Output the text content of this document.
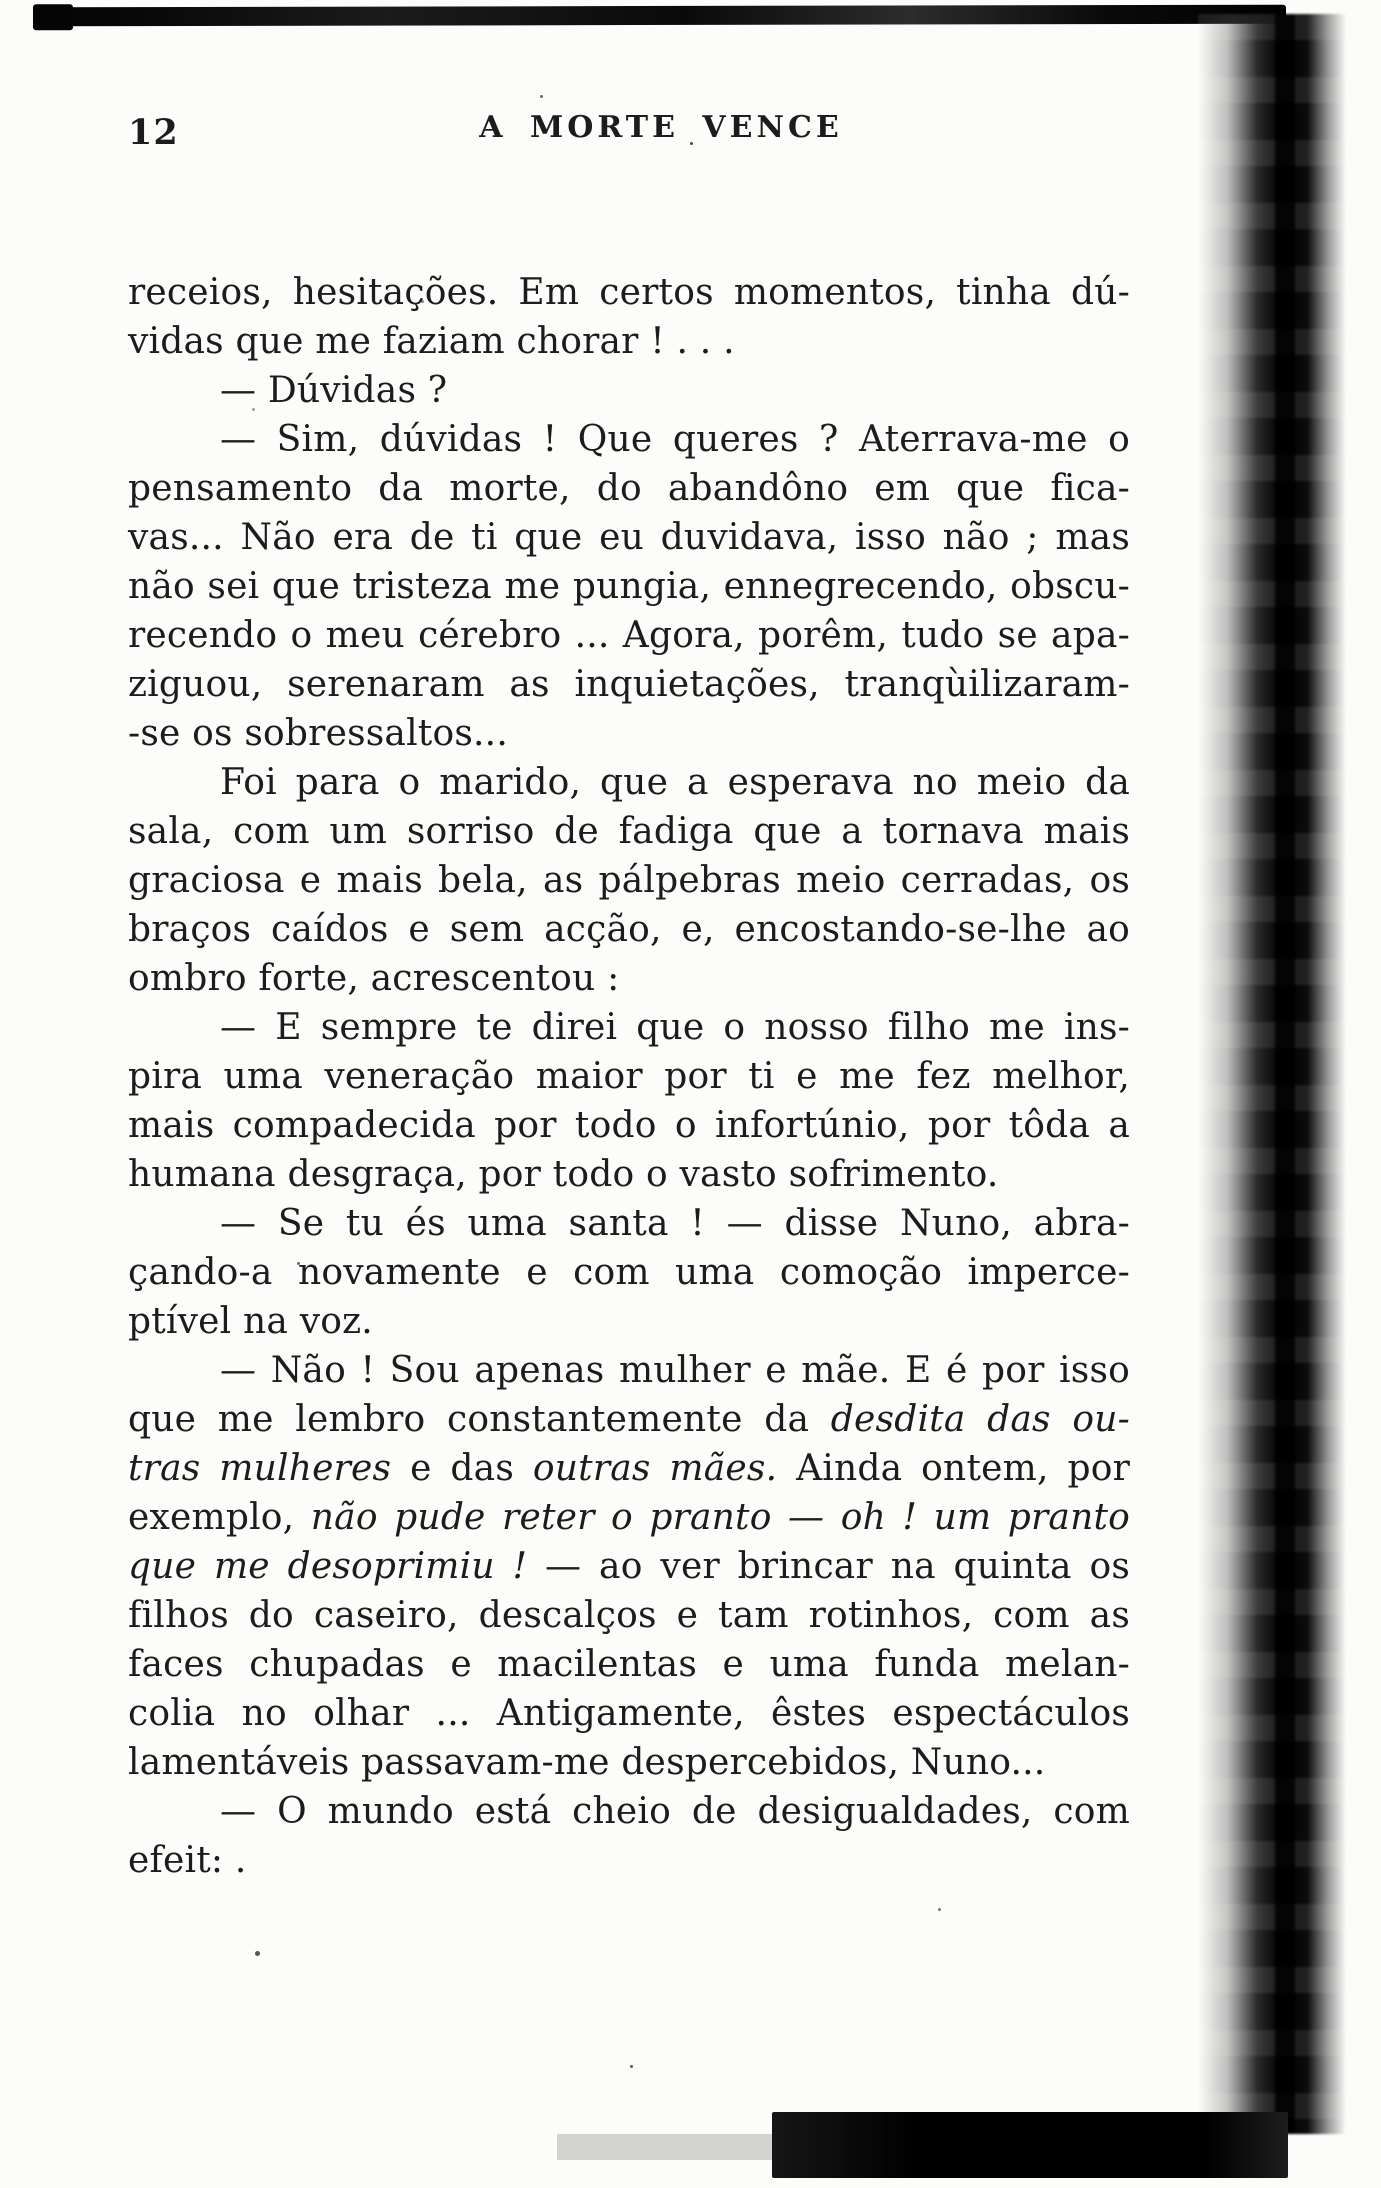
12	A MORTE VENCE
receios, hesitações. Em certos momentos, tinha dú-
vidas que me faziam chorar ! . . .
— Dúvidas ?
— Sim, dúvidas ! Que queres ? Aterrava-me o
pensamento da morte, do abandôno em que fica-
vas... Não era de ti que eu duvidava, isso não ; mas
não sei que tristeza me pungia, ennegrecendo, obscu-
recendo o meu cérebro ... Agora, porêm, tudo se apa-
ziguou, serenaram as inquietações, tranqùilizaram-
-se os sobressaltos...
Foi para o marido, que a esperava no meio da
sala, com um sorriso de fadiga que a tornava mais
graciosa e mais bela, as pálpebras meio cerradas, os
braços caídos e sem acção, e, encostando-se-lhe ao
ombro forte, acrescentou :
— E sempre te direi que o nosso filho me ins-
pira uma veneração maior por ti e me fez melhor,
mais compadecida por todo o infortúnio, por tôda a
humana desgraça, por todo o vasto sofrimento.
— Se tu és uma santa ! — disse Nuno, abra-
çando-a novamente e com uma comoção imperce-
ptível na voz.
— Não ! Sou apenas mulher e mãe. E é por isso
que me lembro constantemente da desdita das ou-
tras mulheres e das outras mães. Ainda ontem, por
exemplo, não pude reter o pranto — oh ! um pranto
que me desoprimiu ! — ao ver brincar na quinta os
filhos do caseiro, descalços e tam rotinhos, com as
faces chupadas e macilentas e uma funda melan-
colia no olhar ... Antigamente, êstes espectáculos
lamentáveis passavam-me despercebidos, Nuno...
— O mundo está cheio de desigualdades, com
efeit: .
